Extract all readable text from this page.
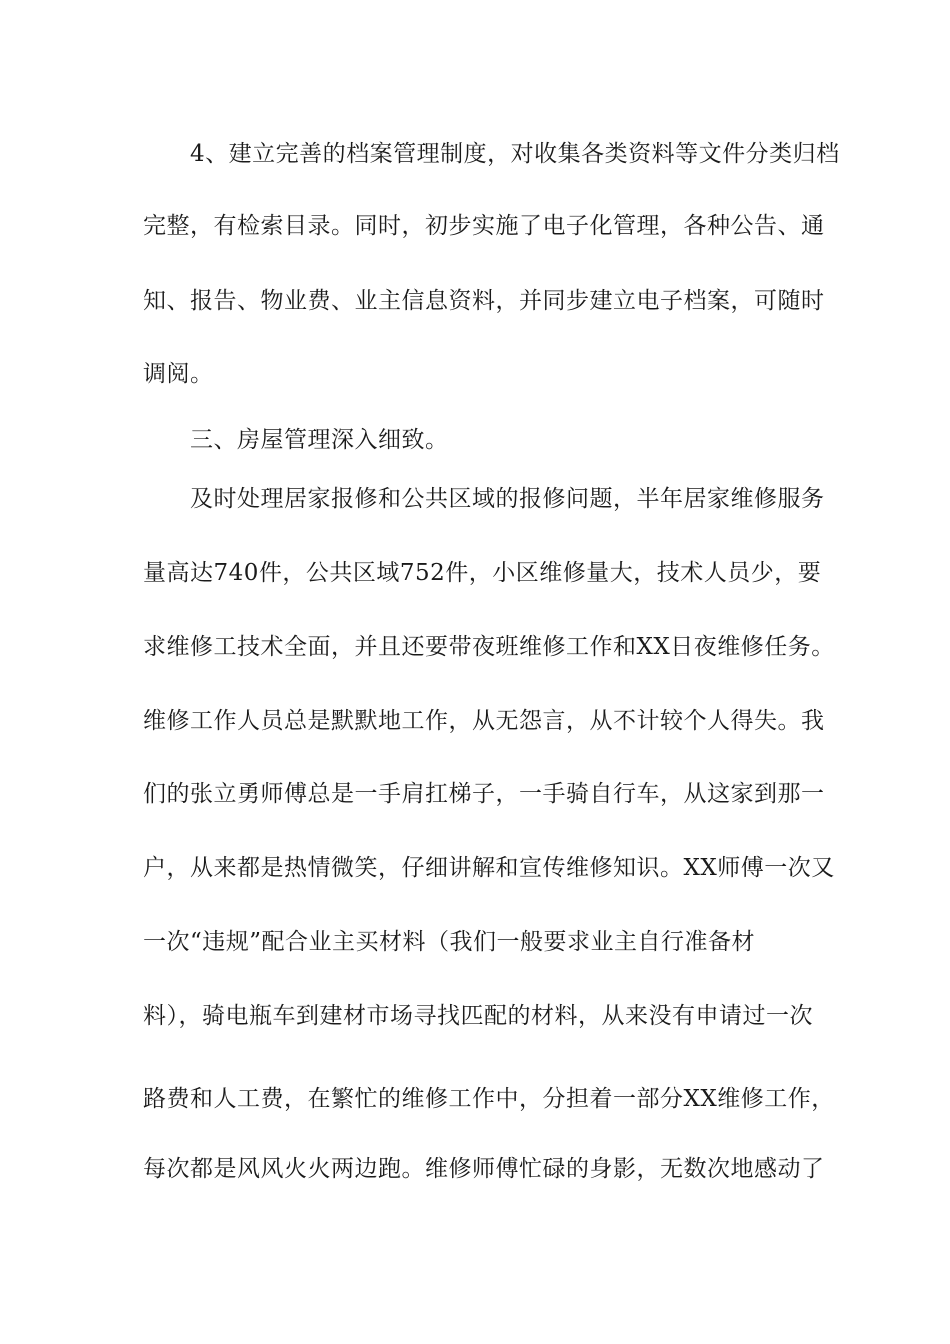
4、建立完善的档案管理制度，对收集各类资料等文件分类归档
完整，有检索目录。同时，初步实施了电子化管理，各种公告、通
知、报告、物业费、业主信息资料，并同步建立电子档案，可随时
调阅。
三、房屋管理深入细致。
及时处理居家报修和公共区域的报修问题，半年居家维修服务
量高达740件，公共区域752件，小区维修量大，技术人员少，要
求维修工技术全面，并且还要带夜班维修工作和XX日夜维修任务。
维修工作人员总是默默地工作，从无怨言，从不计较个人得失。我
们的张立勇师傅总是一手肩扛梯子，一手骑自行车，从这家到那一
户，从来都是热情微笑，仔细讲解和宣传维修知识。XX师傅一次又
一次“违规”配合业主买材料（我们一般要求业主自行准备材
料），骑电瓶车到建材市场寻找匹配的材料，从来没有申请过一次
路费和人工费，在繁忙的维修工作中，分担着一部分XX维修工作，
每次都是风风火火两边跑。维修师傅忙碌的身影，无数次地感动了
